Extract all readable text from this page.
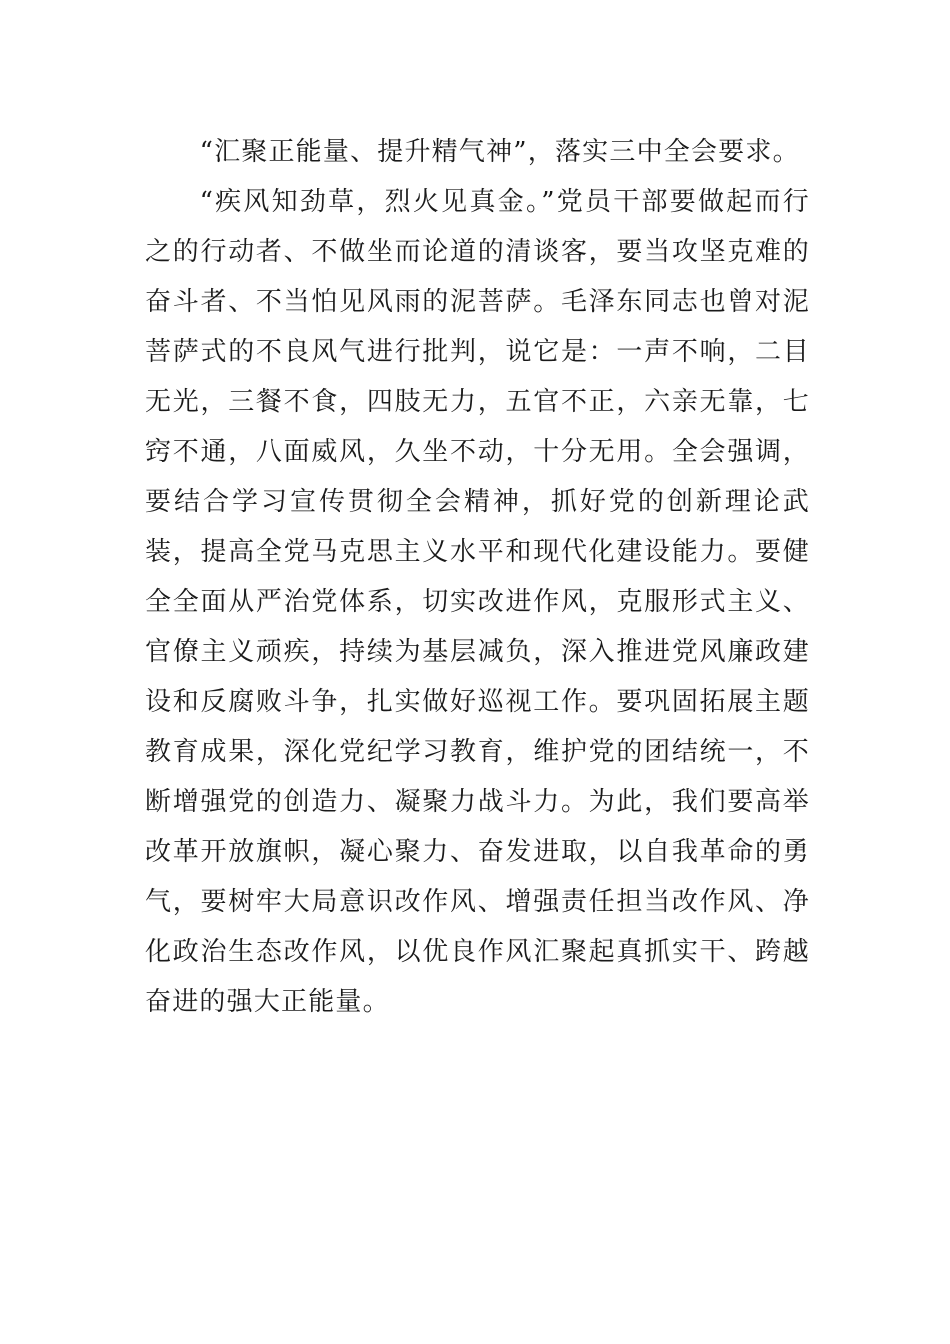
“汇聚正能量、提升精气神”，落实三中全会要求。

“疾风知劲草，烈火见真金。”党员干部要做起而行之的行动者、不做坐而论道的清谈客，要当攻坚克难的奋斗者、不当怕见风雨的泥菩萨。毛泽东同志也曾对泥菩萨式的不良风气进行批判，说它是：一声不响，二目无光，三餐不食，四肢无力，五官不正，六亲无靠，七窍不通，八面威风，久坐不动，十分无用。全会强调，要结合学习宣传贯彻全会精神，抓好党的创新理论武装，提高全党马克思主义水平和现代化建设能力。要健全全面从严治党体系，切实改进作风，克服形式主义、官僚主义顽疾，持续为基层减负，深入推进党风廉政建设和反腐败斗争，扎实做好巡视工作。要巩固拓展主题教育成果，深化党纪学习教育，维护党的团结统一，不断增强党的创造力、凝聚力战斗力。为此，我们要高举改革开放旗帜，凝心聚力、奋发进取，以自我革命的勇气，要树牢大局意识改作风、增强责任担当改作风、净化政治生态改作风，以优良作风汇聚起真抓实干、跨越奋进的强大正能量。
